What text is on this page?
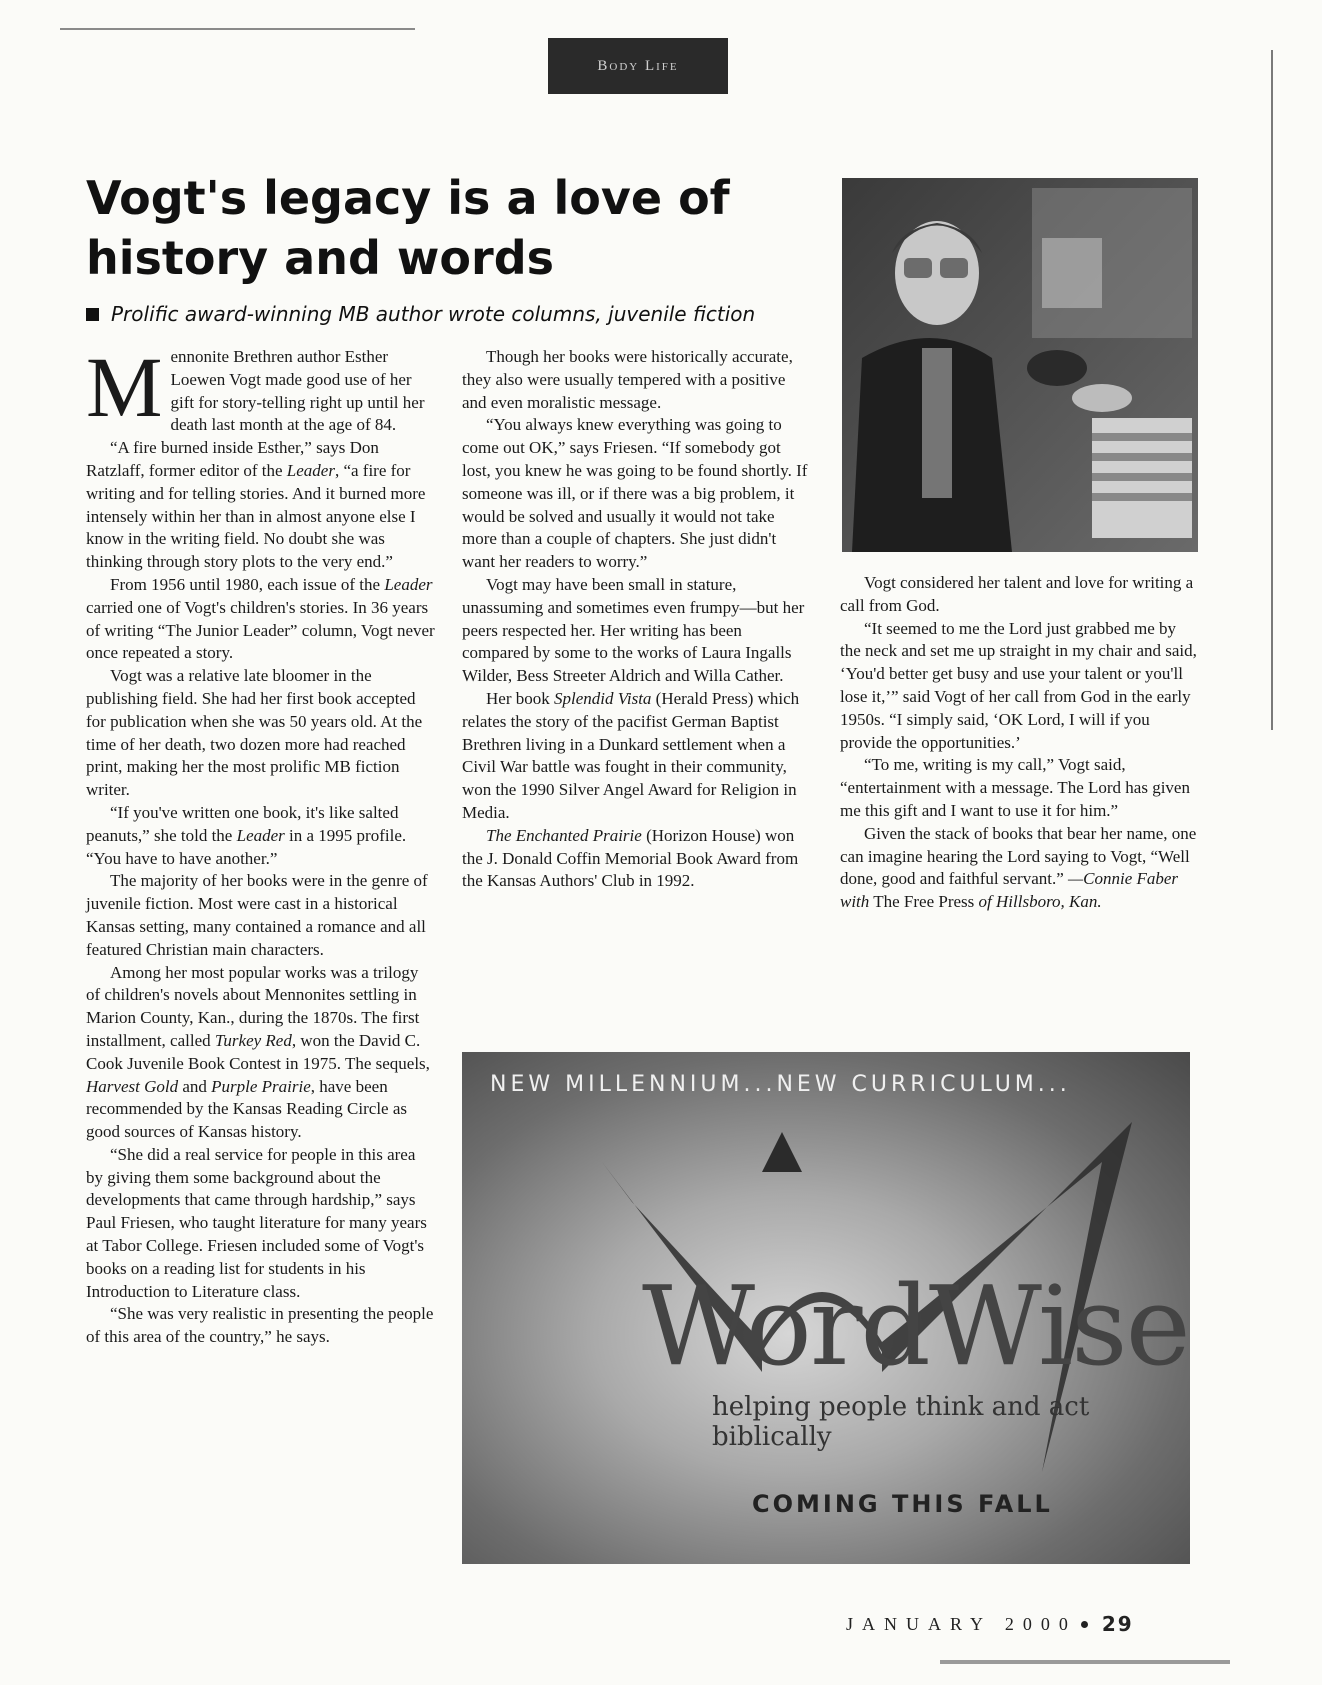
Body Life
Vogt's legacy is a love of history and words
Prolific award-winning MB author wrote columns, juvenile fiction

Mennonite Brethren author Esther Loewen Vogt made good use of her gift for story-telling right up until her death last month at the age of 84.

“A fire burned inside Esther,” says Don Ratzlaff, former editor of the Leader, “a fire for writing and for telling stories. And it burned more intensely within her than in almost anyone else I know in the writing field. No doubt she was thinking through story plots to the very end.”

From 1956 until 1980, each issue of the Leader carried one of Vogt's children's stories. In 36 years of writing “The Junior Leader” column, Vogt never once repeated a story.

Vogt was a relative late bloomer in the publishing field. She had her first book accepted for publication when she was 50 years old. At the time of her death, two dozen more had reached print, making her the most prolific MB fiction writer.

“If you've written one book, it's like salted peanuts,” she told the Leader in a 1995 profile. “You have to have another.”

The majority of her books were in the genre of juvenile fiction. Most were cast in a historical Kansas setting, many contained a romance and all featured Christian main characters.

Among her most popular works was a trilogy of children's novels about Mennonites settling in Marion County, Kan., during the 1870s. The first installment, called Turkey Red, won the David C. Cook Juvenile Book Contest in 1975. The sequels, Harvest Gold and Purple Prairie, have been recommended by the Kansas Reading Circle as good sources of Kansas history.

“She did a real service for people in this area by giving them some background about the developments that came through hardship,” says Paul Friesen, who taught literature for many years at Tabor College. Friesen included some of Vogt's books on a reading list for students in his Introduction to Literature class.

“She was very realistic in presenting the people of this area of the country,” he says.

Though her books were historically accurate, they also were usually tempered with a positive and even moralistic message.

“You always knew everything was going to come out OK,” says Friesen. “If somebody got lost, you knew he was going to be found shortly. If someone was ill, or if there was a big problem, it would be solved and usually it would not take more than a couple of chapters. She just didn't want her readers to worry.”

Vogt may have been small in stature, unassuming and sometimes even frumpy—but her peers respected her. Her writing has been compared by some to the works of Laura Ingalls Wilder, Bess Streeter Aldrich and Willa Cather.

Her book Splendid Vista (Herald Press) which relates the story of the pacifist German Baptist Brethren living in a Dunkard settlement when a Civil War battle was fought in their community, won the 1990 Silver Angel Award for Religion in Media.

The Enchanted Prairie (Horizon House) won the J. Donald Coffin Memorial Book Award from the Kansas Authors' Club in 1992.

Vogt considered her talent and love for writing a call from God.

“It seemed to me the Lord just grabbed me by the neck and set me up straight in my chair and said, ‘You'd better get busy and use your talent or you'll lose it,’” said Vogt of her call from God in the early 1950s. “I simply said, ‘OK Lord, I will if you provide the opportunities.’

“To me, writing is my call,” Vogt said, “entertainment with a message. The Lord has given me this gift and I want to use it for him.”

Given the stack of books that bear her name, one can imagine hearing the Lord saying to Vogt, “Well done, good and faithful servant.” —Connie Faber with The Free Press of Hillsboro, Kan.

NEW MILLENNIUM...NEW CURRICULUM...
WordWise
helping people think and act biblically
COMING THIS FALL
JANUARY 2000 29
